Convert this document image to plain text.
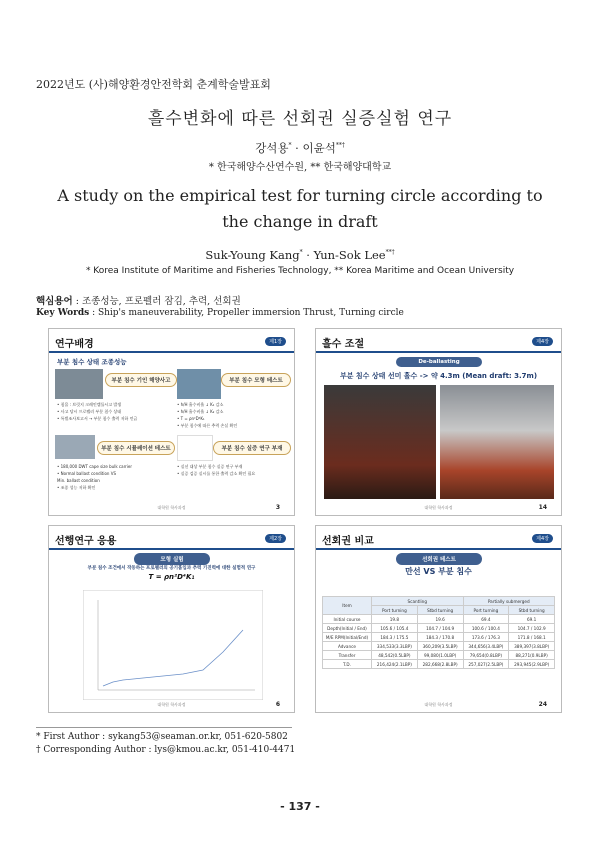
2022년도 (사)해양환경안전학회 춘계학술발표회
흘수변화에 따른 선회권 실증실험 연구
강석용* · 이윤석**†
* 한국해양수산연수원, ** 한국해양대학교
A study on the empirical test for turning circle according to the change in draft
Suk-Young Kang* · Yun-Sok Lee**†
* Korea Institute of Maritime and Fisheries Technology, ** Korea Maritime and Ocean University
핵심용어 : 조종성능, 프로펠러 잠김, 추력, 선회권
Key Words : Ship's maneuverability, Propeller immersion Thrust, Turning circle
연구배경	제1장
부분 침수 상태 조종성능
부분 침수 기인 해양사고	부분 침수 모형 테스트
• 침몰 : 브릿지 크레인캡틀시고 발생
• 사고 당시 프로펠러 부분 침수 상태
• 특별조사보고서 → 부분 침수 출력 저하 언급
• h/H 흘수비율 ↓ K₁ 감소
• h/H 흘수비율 ↓ K₂ 감소
• T = ρn²D⁴K₁
• 부분 침수에 따른 추력 손실 확인
부분 침수 시뮬레이션 테스트	부분 침수 실증 연구 부재
• 180,000 DWT cape size bulk carrier
• Normal ballast condition VS
Min. ballast condition
• 조종 성능 저하 확인
• 실선 대상 부분 침수 실증 연구 부재
• 실증 검증 실시를 통한 출력 감소 확인 필요
대학원 학사과정	3
흘수 조절	제4장
De-ballasting
부분 침수 상태 선미 흘수 -> 약 4.3m (Mean draft: 3.7m)
대학원 학사과정	14
선행연구 응용	제2장
모형 실험
부분 침수 조건에서 작동하는 프로펠러의 공기흡입과 추력 기진력에 대한 실험적 연구
T = ρn²D⁴K₁
대학원 학사과정	6
선회권 비교	제4장
선회권 테스트
만선 VS 부분 침수
Item	Scantling		Partially submerged	
	Port turning	Stbd turning	Port turning	Stbd turning
Initial course	19.8	19.6	69.4	69.1
Depth(Initial / End)	105.6 / 105.4	104.7 / 104.9	100.6 / 100.4	104.7 / 102.9
M/E RPM(Initial/End)	184.3 / 175.5	184.3 / 170.8	173.6 / 176.3	171.8 / 168.1
Advance	334,533(3.3LBP)	360,209(3.5LBP)	344,656(3.4LBP)	389,397(3.8LBP)
Transfer	48,542(0.5LBP)	99,080(1.0LBP)	79,654(0.8LBP)	88,271(0.9LBP)
T.D.	216,424(2.1LBP)	282,668(2.8LBP)	257,027(2.5LBP)	293,945(2.9LBP)
대학원 학사과정	24
* First Author : sykang53@seaman.or.kr, 051-620-5802
† Corresponding Author : lys@kmou.ac.kr, 051-410-4471
- 137 -
